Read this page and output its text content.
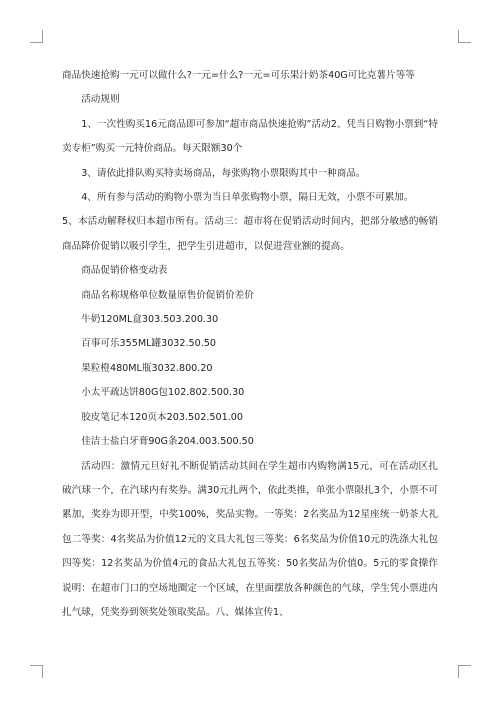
商品快速抢购一元可以做什么?一元=什么?一元=可乐果汁奶茶40G可比克薯片等等

活动规则

1、一次性购买16元商品即可参加“超市商品快速抢购”活动2、凭当日购物小票到“特卖专柜”购买一元特价商品。每天限额30个

3、请依此排队购买特卖场商品，每张购物小票限购其中一种商品。

4、所有参与活动的购物小票为当日单张购物小票，隔日无效，小票不可累加。

5、本活动解释权归本超市所有。活动三：超市将在促销活动时间内，把部分敏感的畅销商品降价促销以吸引学生，把学生引进超市，以促进营业额的提高。

商品促销价格变动表

商品名称规格单位数量原售价促销价差价

牛奶120ML盒303.503.200.30

百事可乐355ML罐3032.50.50

果粒橙480ML瓶3032.800.20

小太平疏达饼80G包102.802.500.30

胶皮笔记本120页本203.502.501.00

佳洁士盐白牙膏90G条204.003.500.50

活动四：激情元旦好礼不断促销活动其间在学生超市内购物满15元，可在活动区扎破汽球一个，在汽球内有奖券。满30元扎两个，依此类推，单张小票限扎3个，小票不可累加，奖券为即开型，中奖100%，奖品实物。一等奖：2名奖品为12星座统一奶茶大礼包二等奖：4名奖品为价值12元的文具大礼包三等奖：6名奖品为价值10元的洗涤大礼包四等奖：12名奖品为价值4元的食品大礼包五等奖：50名奖品为价值0。5元的零食操作说明：在超市门口的空场地圈定一个区域，在里面摆放各种颜色的气球，学生凭小票进内扎气球，凭奖券到领奖处领取奖品。八、媒体宣传1、
